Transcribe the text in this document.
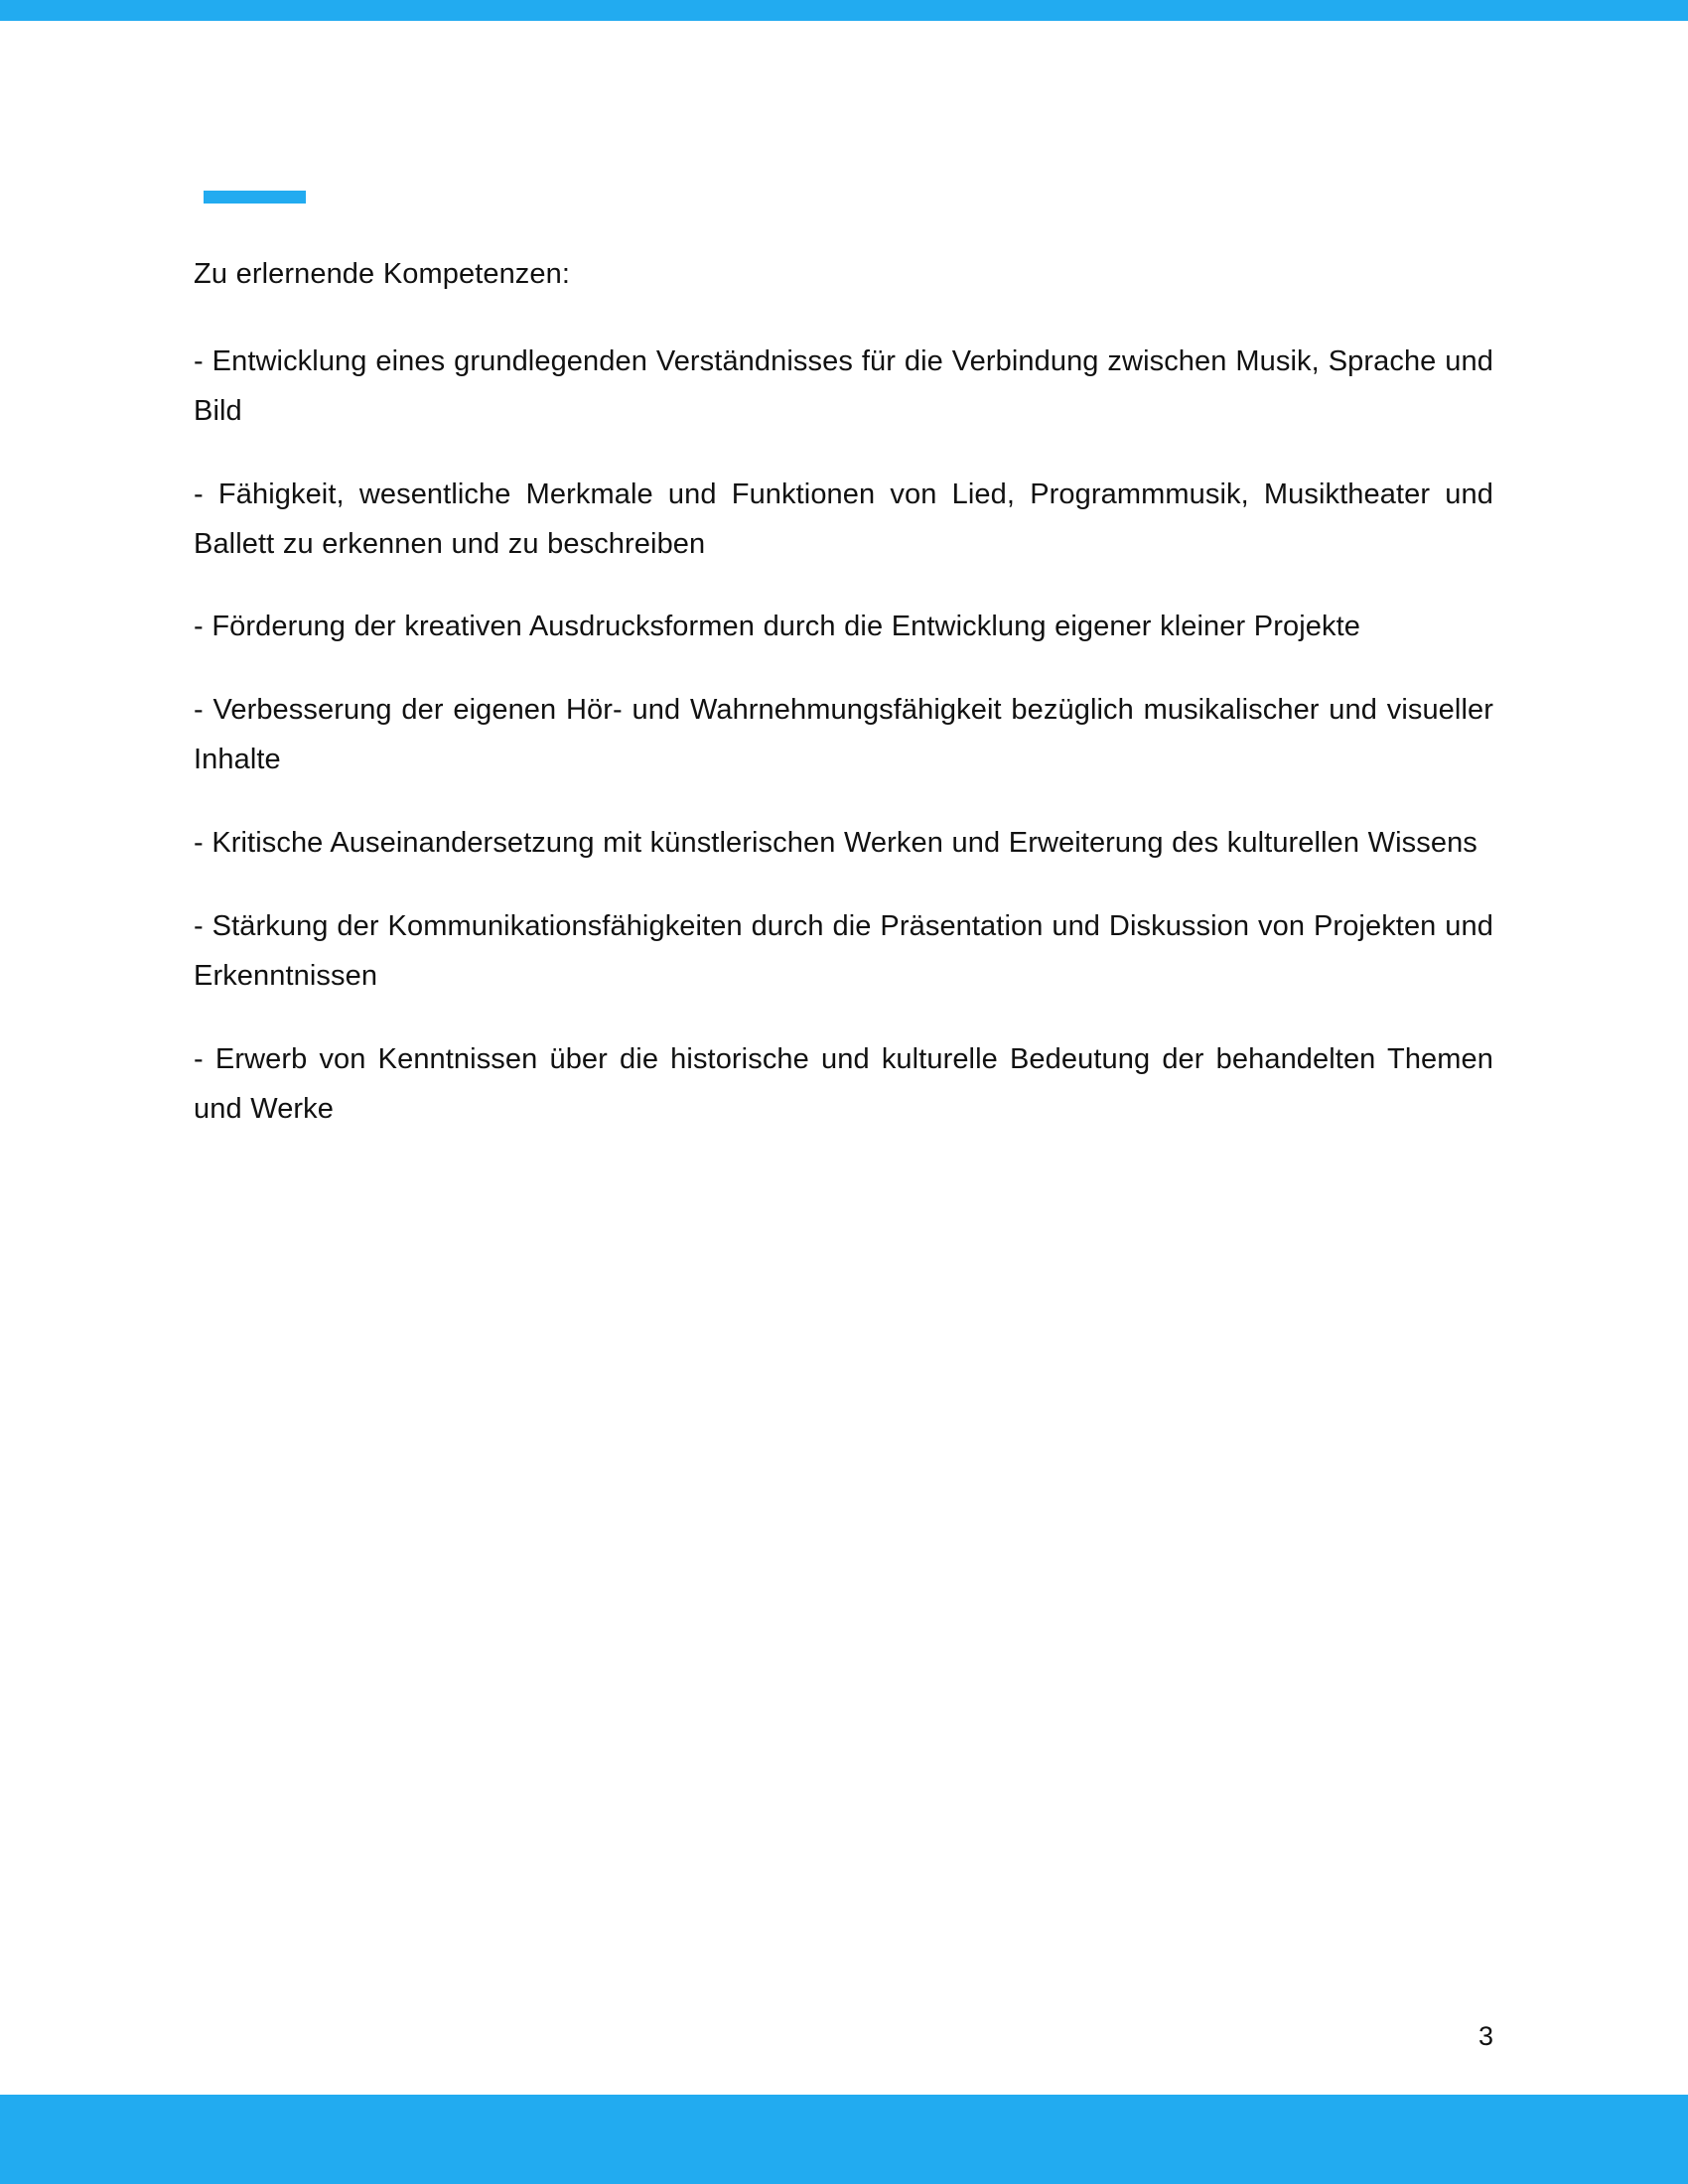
Zu erlernende Kompetenzen:

- Entwicklung eines grundlegenden Verständnisses für die Verbindung zwischen Musik, Sprache und Bild

- Fähigkeit, wesentliche Merkmale und Funktionen von Lied, Programmmusik, Musiktheater und Ballett zu erkennen und zu beschreiben

- Förderung der kreativen Ausdrucksformen durch die Entwicklung eigener kleiner Projekte

- Verbesserung der eigenen Hör- und Wahrnehmungsfähigkeit bezüglich musikalischer und visueller Inhalte

- Kritische Auseinandersetzung mit künstlerischen Werken und Erweiterung des kulturellen Wissens

- Stärkung der Kommunikationsfähigkeiten durch die Präsentation und Diskussion von Projekten und Erkenntnissen

- Erwerb von Kenntnissen über die historische und kulturelle Bedeutung der behandelten Themen und Werke

3
